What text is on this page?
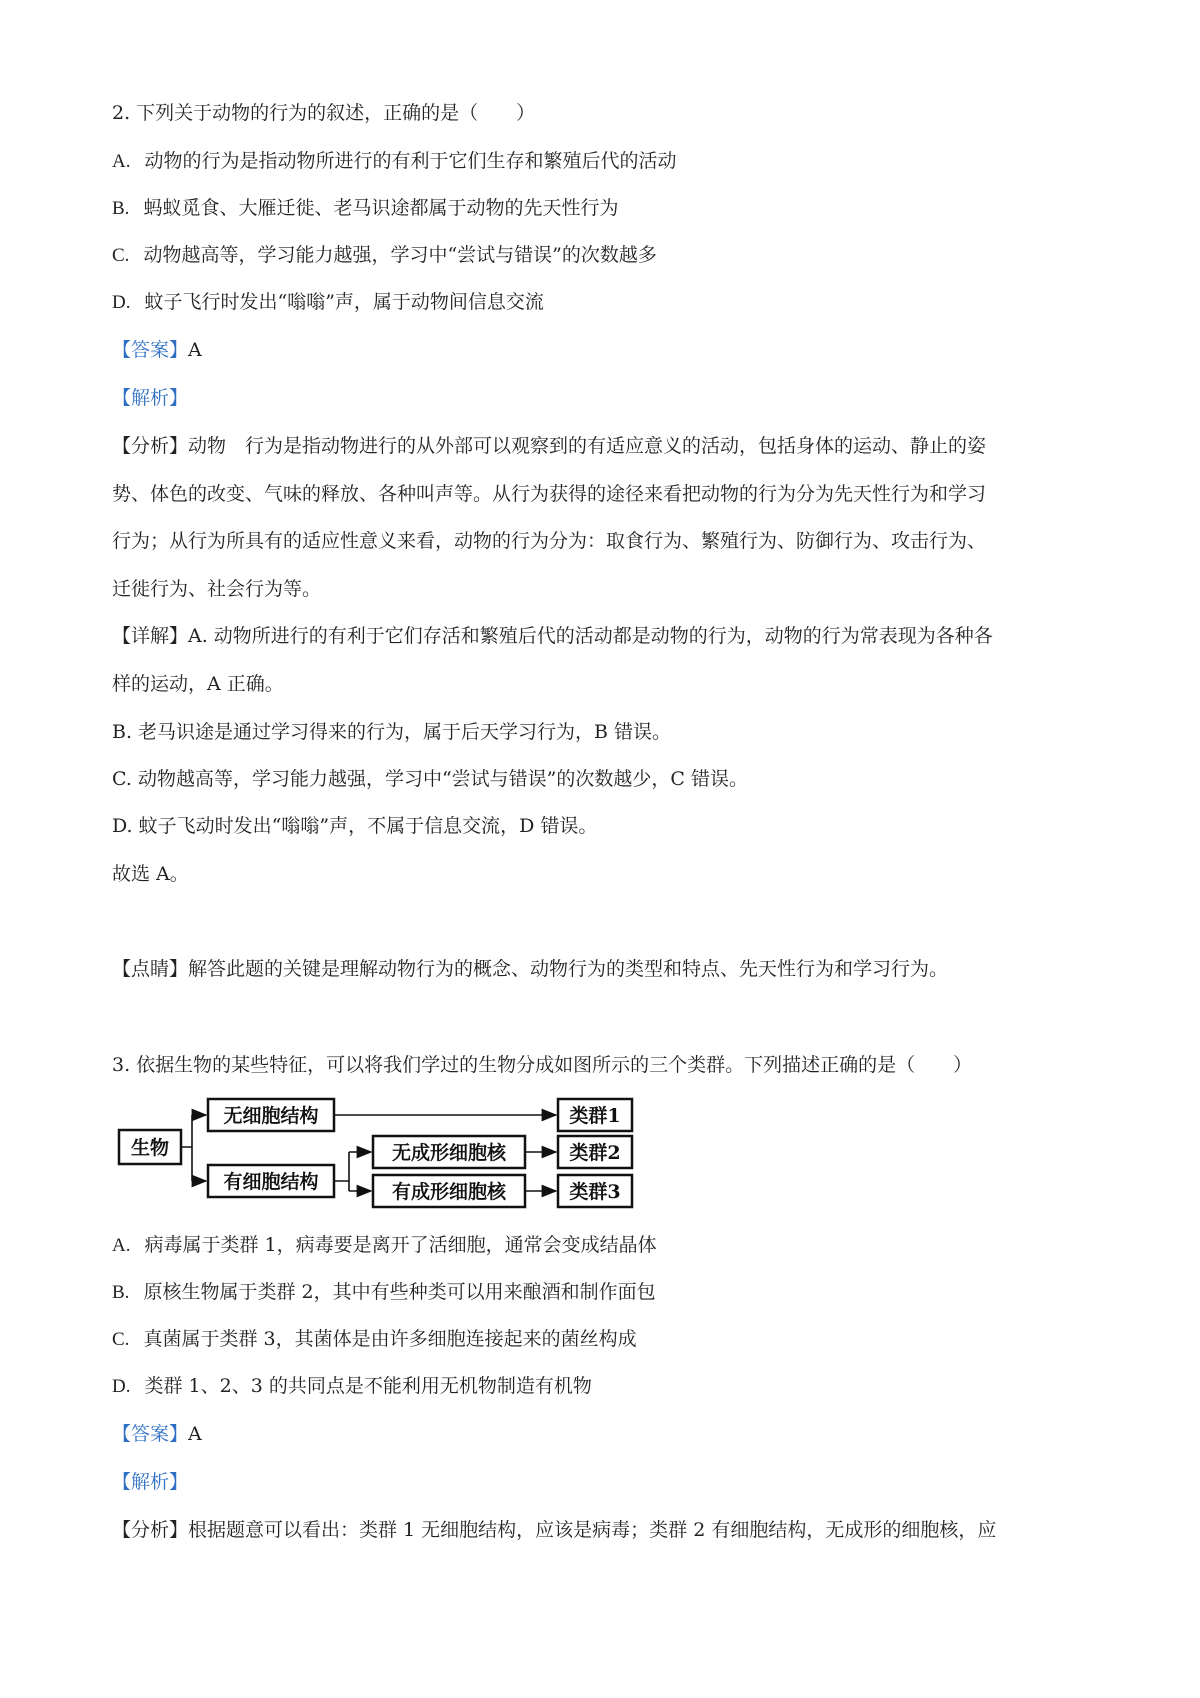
2. 下列关于动物的行为的叙述，正确的是（　　）
A. 动物的行为是指动物所进行的有利于它们生存和繁殖后代的活动
B. 蚂蚁觅食、大雁迁徙、老马识途都属于动物的先天性行为
C. 动物越高等，学习能力越强，学习中“尝试与错误”的次数越多
D. 蚊子飞行时发出“嗡嗡”声，属于动物间信息交流
【答案】A
【解析】
【分析】动物　行为是指动物进行的从外部可以观察到的有适应意义的活动，包括身体的运动、静止的姿
势、体色的改变、气味的释放、各种叫声等。从行为获得的途径来看把动物的行为分为先天性行为和学习
行为；从行为所具有的适应性意义来看，动物的行为分为：取食行为、繁殖行为、防御行为、攻击行为、
迁徙行为、社会行为等。
【详解】A. 动物所进行的有利于它们存活和繁殖后代的活动都是动物的行为，动物的行为常表现为各种各
样的运动，A 正确。
B. 老马识途是通过学习得来的行为，属于后天学习行为，B 错误。
C. 动物越高等，学习能力越强，学习中“尝试与错误”的次数越少，C 错误。
D. 蚊子飞动时发出“嗡嗡”声，不属于信息交流，D 错误。
故选 A。
【点睛】解答此题的关键是理解动物行为的概念、动物行为的类型和特点、先天性行为和学习行为。
3. 依据生物的某些特征，可以将我们学过的生物分成如图所示的三个类群。下列描述正确的是（　　）
生物
无细胞结构
有细胞结构
无成形细胞核
有成形细胞核
类群1
类群2
类群3
A. 病毒属于类群 1，病毒要是离开了活细胞，通常会变成结晶体
B. 原核生物属于类群 2，其中有些种类可以用来酿酒和制作面包
C. 真菌属于类群 3，其菌体是由许多细胞连接起来的菌丝构成
D. 类群 1、2、3 的共同点是不能利用无机物制造有机物
【答案】A
【解析】
【分析】根据题意可以看出：类群 1 无细胞结构，应该是病毒；类群 2 有细胞结构，无成形的细胞核，应
